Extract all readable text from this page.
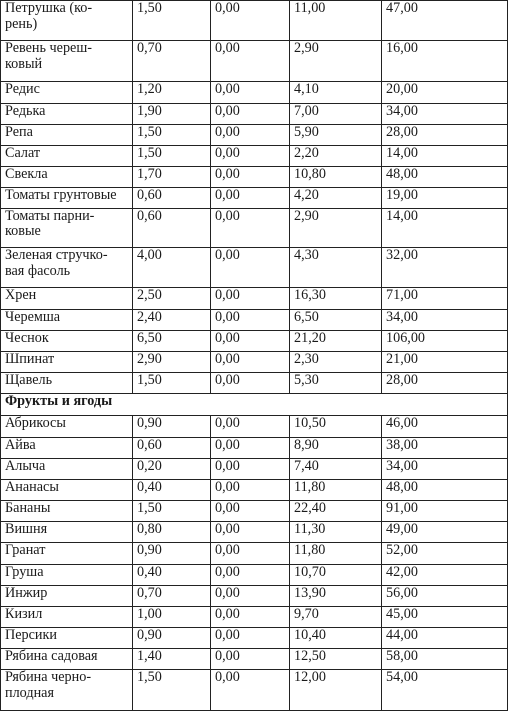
Петрушка (ко-
рень)	1,50	0,00	11,00	47,00
Ревень череш-
ковый	0,70	0,00	2,90	16,00
Редис	1,20	0,00	4,10	20,00
Редька	1,90	0,00	7,00	34,00
Репа	1,50	0,00	5,90	28,00
Салат	1,50	0,00	2,20	14,00
Свекла	1,70	0,00	10,80	48,00
Томаты грунтовые	0,60	0,00	4,20	19,00
Томаты парни-
ковые	0,60	0,00	2,90	14,00
Зеленая стручко-
вая фасоль	4,00	0,00	4,30	32,00
Хрен	2,50	0,00	16,30	71,00
Черемша	2,40	0,00	6,50	34,00
Чеснок	6,50	0,00	21,20	106,00
Шпинат	2,90	0,00	2,30	21,00
Щавель	1,50	0,00	5,30	28,00
Фрукты и ягоды				
Абрикосы	0,90	0,00	10,50	46,00
Айва	0,60	0,00	8,90	38,00
Алыча	0,20	0,00	7,40	34,00
Ананасы	0,40	0,00	11,80	48,00
Бананы	1,50	0,00	22,40	91,00
Вишня	0,80	0,00	11,30	49,00
Гранат	0,90	0,00	11,80	52,00
Груша	0,40	0,00	10,70	42,00
Инжир	0,70	0,00	13,90	56,00
Кизил	1,00	0,00	9,70	45,00
Персики	0,90	0,00	10,40	44,00
Рябина садовая	1,40	0,00	12,50	58,00
Рябина черно-
плодная	1,50	0,00	12,00	54,00
